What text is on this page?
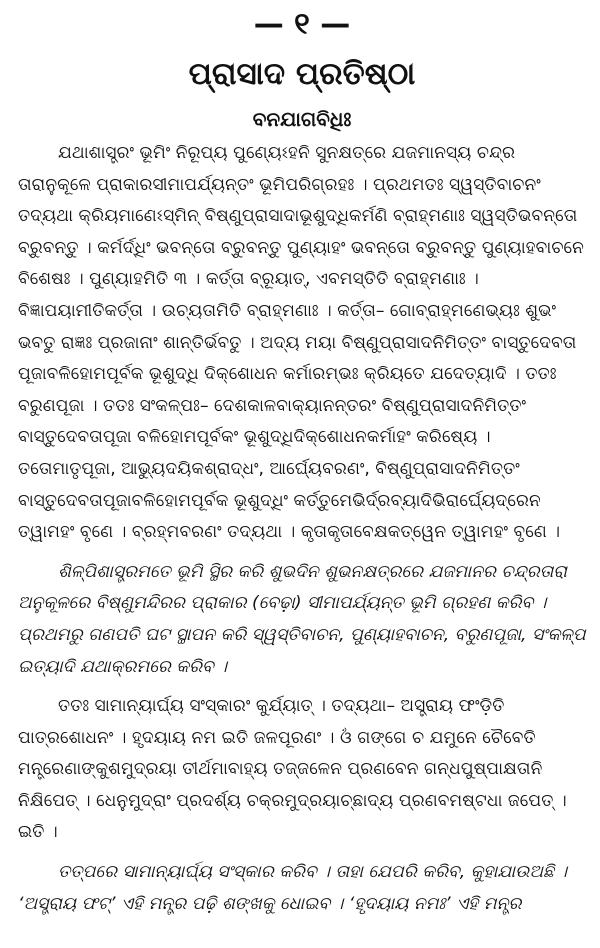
— ୧ —
ପ୍ରାସାଦ ପ୍ରତିଷ୍ଠା
ବନଯାଗବିଧିଃ

ଯଥାଶାସ୍ତ୍ରଂ ଭୂମିଂ ନିରୂପ୍ୟ ପୁଣ୍ୟେଽହନି ସୁନକ୍ଷତ୍ରେ ଯଜମାନସ୍ୟ ଚନ୍ଦ୍ର ତାରାନୁକୂଳେ ପ୍ରାକାରସୀମାପର୍ଯ୍ୟନ୍ତଂ ଭୂମିପରିଗ୍ରହଃ । ପ୍ରଥମତଃ ସ୍ୱସ୍ତିବାଚନଂ ତଦ୍ୟଥା କ୍ରିୟମାଣେଽସ୍ମିନ୍ ବିଷ୍ଣୁପ୍ରାସାଦାଭୂଶୁଦ୍ଧିକର୍ମଣି ବ୍ରାହ୍ମଣାଃ ସ୍ୱସ୍ତିଭବନ୍ତୋ ବ୍ରୁବନ୍ତୁ । କର୍ମର୍ଦ୍ଧିଂ ଭବନ୍ତୋ ବ୍ରୁବନ୍ତୁ ପୁଣ୍ୟାହଂ ଭବନ୍ତୋ ବ୍ରୁବନ୍ତୁ ପୁଣ୍ୟାହବାଚନେ ବିଶେଷଃ । ପୁଣ୍ୟାହମିତି ୩ । କର୍ତ୍ତା ବ୍ରୂୟାତ୍, ଏବମସ୍ତିତି ବ୍ରାହ୍ମଣାଃ । ବିଜ୍ଞାପୟାମୀତିକର୍ତ୍ତା । ଉଚ୍ୟତାମିତି ବ୍ରାହ୍ମଣାଃ । କର୍ତ୍ତା– ଗୋବ୍ରାହ୍ମଣେଭ୍ୟଃ ଶୁଭଂ ଭବତୁ ରାଜ୍ଞଃ ପ୍ରଜାନାଂ ଶାନ୍ତିର୍ଭବତୁ । ଅଦ୍ୟ ମୟା ବିଷ୍ଣୁପ୍ରାସାଦନିମିତ୍ତଂ ବାସ୍ତୁଦେବତା ପୂଜାବଳିହୋମପୂର୍ବକ ଭୂଶୁଦ୍ଧି ଦିକ୍‌ଶୋଧନ କର୍ମାରମ୍ଭଃ କ୍ରିୟତେ ଯଦେତ୍ୟାଦି । ତତଃ ବରୁଣପୂଜା । ତତଃ ସଂକଳ୍ପଃ– ଦେଶକାଳବାକ୍ୟାନନ୍ତରଂ ବିଷ୍ଣୁପ୍ରାସାଦନିମିତ୍ତଂ ବାସ୍ତୁଦେବତାପୂଜା ବଳିହୋମପୂର୍ବକଂ ଭୂଶୁଦ୍ଧିଦିକ୍‌ଶୋଧନକର୍ମାହଂ କରିଷ୍ୟେ । ତତୋମାତୃପୂଜା, ଆଭ୍ୟୁଦୟିକଶ୍ରାଦ୍ଧଂ, ଆର୍ଘ୍ୟେବରଣଂ, ବିଷ୍ଣୁପ୍ରାସାଦନିମିତ୍ତଂ ବାସ୍ତୁଦେବତାପୂଜାବଳିହୋମପୂର୍ବକ ଭୂଶୁଦ୍ଧିଂ କର୍ତ୍ତୁମେଭିର୍ଦ୍ରବ୍ୟାଦିଭିରାର୍ଘ୍ୟେଦ୍ରେନ ତ୍ୱାମହଂ ବୃଣେ । ବ୍ରହ୍ମବରଣଂ ତଦ୍ୟଥା । କୃତାକୃତାବେକ୍ଷକତ୍ୱେନ ତ୍ୱାମହଂ ବୃଣେ ।

ଶିଳ୍ପିଶାସ୍ତ୍ରମତେ ଭୂମି ସ୍ଥିର କରି ଶୁଭଦିନ ଶୁଭନକ୍ଷତ୍ରରେ ଯଜମାନର ଚନ୍ଦ୍ରତାରା ଅନୁକୂଳରେ ବିଷ୍ଣୁମନ୍ଦିରର ପ୍ରାକାର (ବେଢ଼ା) ସୀମାପର୍ଯ୍ୟନ୍ତ ଭୂମି ଗ୍ରହଣ କରିବ । ପ୍ରଥମରୁ ଗଣପତି ଘଟ ସ୍ଥାପନ କରି ସ୍ୱସ୍ତିବାଚନ, ପୁଣ୍ୟାହବାଚନ, ବରୁଣପୂଜା, ସଂକଳ୍ପ ଇତ୍ୟାଦି ଯଥାକ୍ରମରେ କରିବ ।

ତତଃ ସାମାନ୍ୟାର୍ଘ୍ୟ ସଂସ୍କାରଂ କୁର୍ଯ୍ୟାତ୍ । ତଦ୍ୟଥା– ଅସ୍ତ୍ରାୟ ଫଂଡ଼ିତି ପାତ୍ରଶୋଧନଂ । ହୃଦୟାୟ ନମ ଇତି ଜଳପୂରଣଂ । ଓଁ ଗଙ୍ଗେ ଚ ଯମୁନେ ଚୈବେତି ମନ୍ତ୍ରେଣାଙ୍କୁଶମୁଦ୍ରୟା ତୀର୍ଥମାବାହ୍ୟ ତଜ୍ଜଳେନ ପ୍ରଣବେନ ଗନ୍ଧପୁଷ୍ପାକ୍ଷତାନି ନିକ୍ଷିପେତ୍ । ଧେନୁମୁଦ୍ରାଂ ପ୍ରଦର୍ଶ୍ୟ ଚକ୍ରମୁଦ୍ରୟାଚ୍ଛାଦ୍ୟ ପ୍ରଣବମଷ୍ଟଧା ଜପେତ୍ । ଇତି ।

ତତ୍ପରେ ସାମାନ୍ୟାର୍ଘ୍ୟ ସଂସ୍କାର କରିବ । ତାହା ଯେପରି କରିବ, କୁହାଯାଉଅଛି । ‘ଅସ୍ତ୍ରାୟ ଫଟ୍’ ଏହି ମନ୍ତ୍ର ପଢ଼ି ଶଙ୍ଖକୁ ଧୋଇବ । ‘ହୃଦୟାୟ ନମଃ’ ଏହି ମନ୍ତ୍ର
